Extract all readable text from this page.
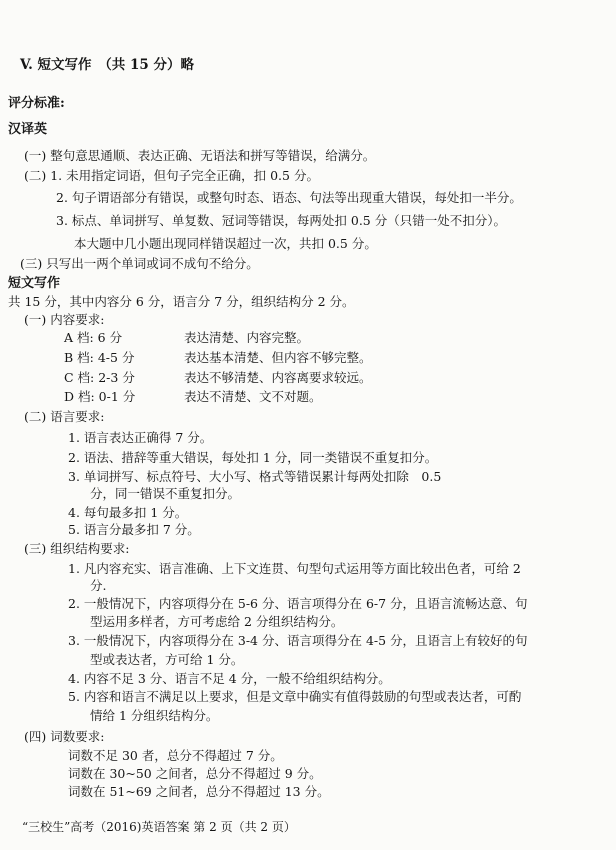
V. 短文写作　（共 15 分）略
评分标准:
汉译英
(一) 整句意思通顺、表达正确、无语法和拼写等错误，给满分。
(二) 1. 未用指定词语，但句子完全正确，扣 0.5 分。
2. 句子谓语部分有错误，或整句时态、语态、句法等出现重大错误，每处扣一半分。
3. 标点、单词拼写、单复数、冠词等错误，每两处扣 0.5 分（只错一处不扣分）。
本大题中几小题出现同样错误超过一次，共扣 0.5 分。
(三) 只写出一两个单词或词不成句不给分。
短文写作
共 15 分，其中内容分 6 分，语言分 7 分，组织结构分 2 分。
(一) 内容要求:
A 档: 6 分	表达清楚、内容完整。
B 档: 4-5 分	表达基本清楚、但内容不够完整。
C 档: 2-3 分	表达不够清楚、内容离要求较远。
D 档: 0-1 分	表达不清楚、文不对题。
(二) 语言要求:
1. 语言表达正确得 7 分。
2. 语法、措辞等重大错误，每处扣 1 分，同一类错误不重复扣分。
3. 单词拼写、标点符号、大小写、格式等错误累计每两处扣除　0.5
分，同一错误不重复扣分。
4. 每句最多扣 1 分。
5. 语言分最多扣 7 分。
(三) 组织结构要求:
1. 凡内容充实、语言准确、上下文连贯、句型句式运用等方面比较出色者，可给 2
分.
2. 一般情况下，内容项得分在 5-6 分、语言项得分在 6-7 分，且语言流畅达意、句
型运用多样者，方可考虑给 2 分组织结构分。
3. 一般情况下，内容项得分在 3-4 分、语言项得分在 4-5 分，且语言上有较好的句
型或表达者，方可给 1 分。
4. 内容不足 3 分、语言不足 4 分，一般不给组织结构分。
5. 内容和语言不满足以上要求，但是文章中确实有值得鼓励的句型或表达者，可酌
情给 1 分组织结构分。
(四) 词数要求:
词数不足 30 者，总分不得超过 7 分。
词数在 30~50 之间者，总分不得超过 9 分。
词数在 51~69 之间者，总分不得超过 13 分。
“三校生”高考（2016)英语答案 第 2 页（共 2 页）
